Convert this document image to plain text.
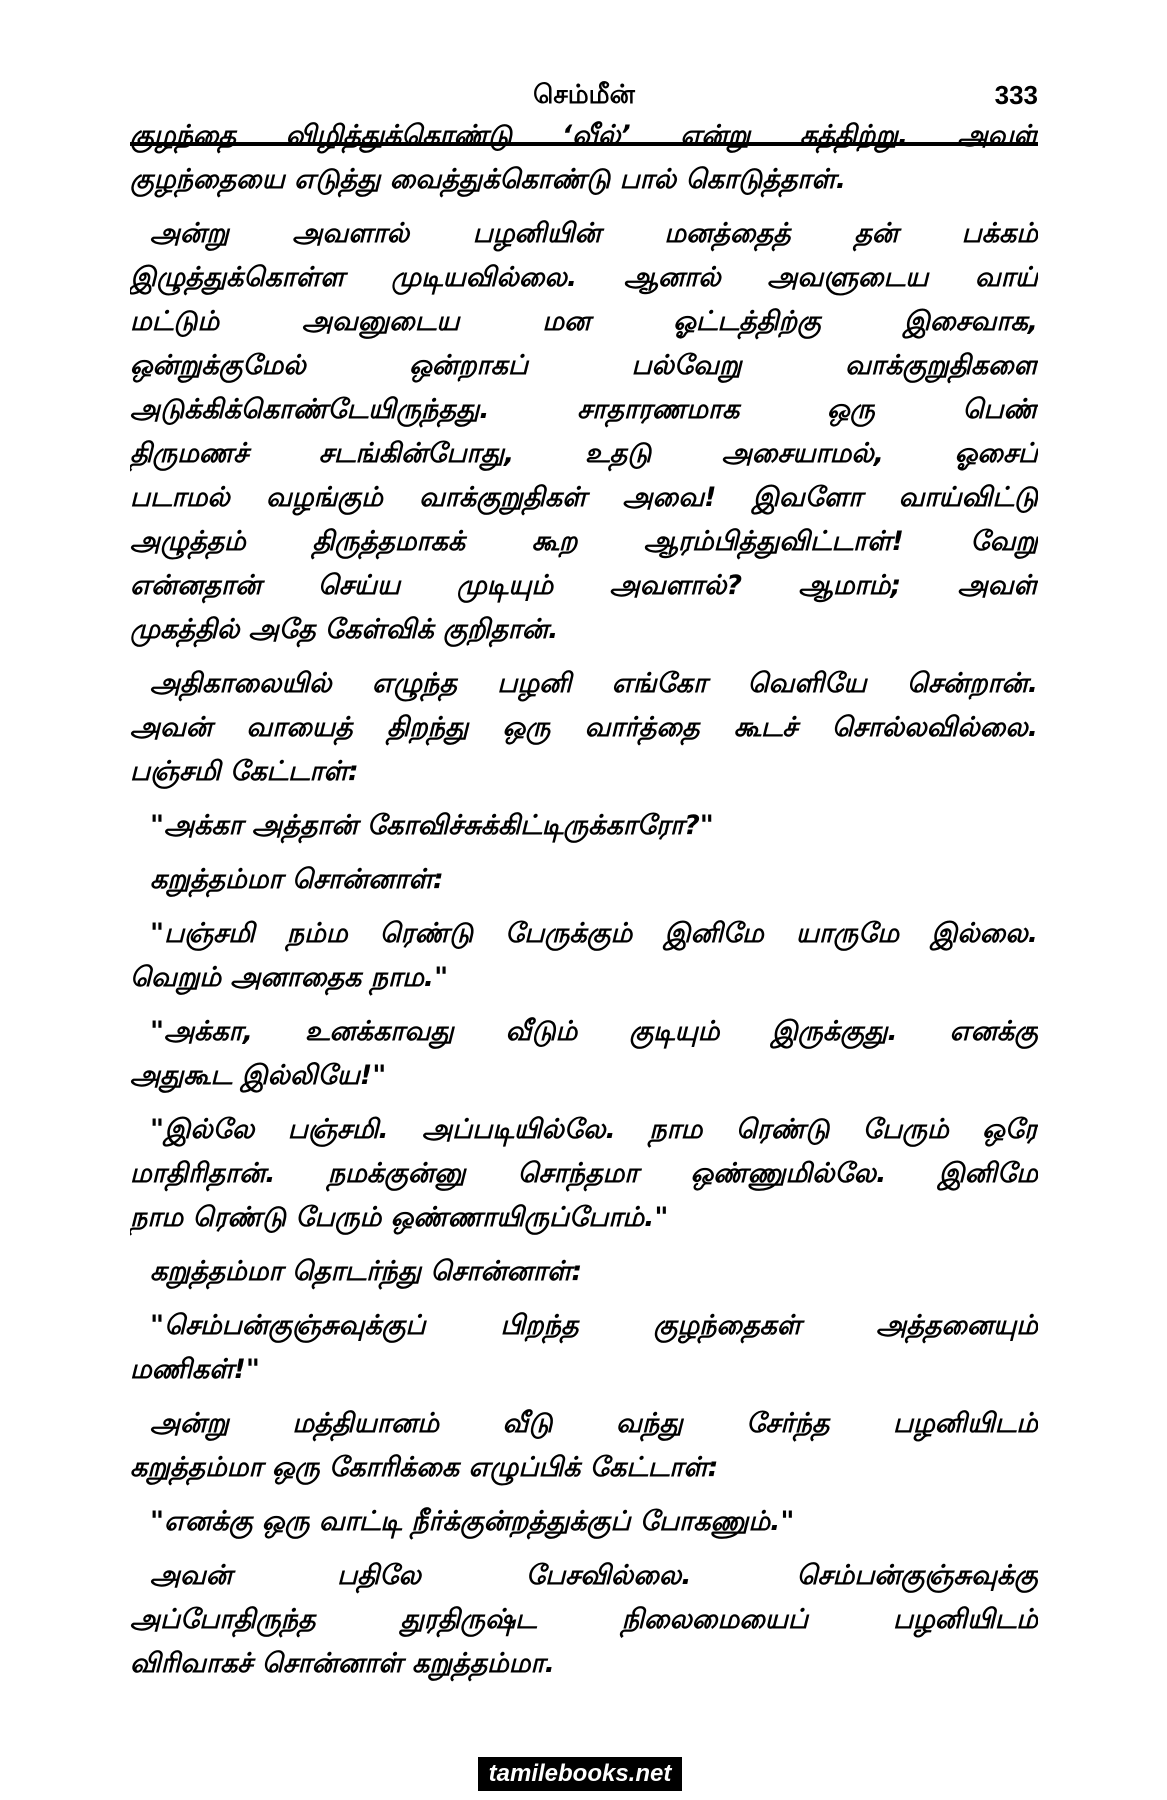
செம்மீன்	333
குழந்தை விழித்துக்கொண்டு ‘வீல்’ என்று கத்திற்று. அவள்
குழந்தையை எடுத்து வைத்துக்கொண்டு பால் கொடுத்தாள்.
அன்று அவளால் பழனியின் மனத்தைத் தன் பக்கம்
இழுத்துக்கொள்ள முடியவில்லை. ஆனால் அவளுடைய வாய்
மட்டும் அவனுடைய மன ஓட்டத்திற்கு இசைவாக,
ஒன்றுக்குமேல் ஒன்றாகப் பல்வேறு வாக்குறுதிகளை
அடுக்கிக்கொண்டேயிருந்தது. சாதாரணமாக ஒரு பெண்
திருமணச் சடங்கின்போது, உதடு அசையாமல், ஓசைப்
படாமல் வழங்கும் வாக்குறுதிகள் அவை! இவளோ வாய்விட்டு
அழுத்தம் திருத்தமாகக் கூற ஆரம்பித்துவிட்டாள்! வேறு
என்னதான் செய்ய முடியும் அவளால்? ஆமாம்; அவள்
முகத்தில் அதே கேள்விக் குறிதான்.
அதிகாலையில் எழுந்த பழனி எங்கோ வெளியே சென்றான்.
அவன் வாயைத் திறந்து ஒரு வார்த்தை கூடச் சொல்லவில்லை.
பஞ்சமி கேட்டாள்:
"அக்கா அத்தான் கோவிச்சுக்கிட்டிருக்காரோ?"
கறுத்தம்மா சொன்னாள்:
"பஞ்சமி நம்ம ரெண்டு பேருக்கும் இனிமே யாருமே இல்லை.
வெறும் அனாதைக நாம."
"அக்கா, உனக்காவது வீடும் குடியும் இருக்குது. எனக்கு
அதுகூட இல்லியே!"
"இல்லே பஞ்சமி. அப்படியில்லே. நாம ரெண்டு பேரும் ஒரே
மாதிரிதான். நமக்குன்னு சொந்தமா ஒண்ணுமில்லே. இனிமே
நாம ரெண்டு பேரும் ஒண்ணாயிருப்போம்."
கறுத்தம்மா தொடர்ந்து சொன்னாள்:
"செம்பன்குஞ்சுவுக்குப் பிறந்த குழந்தைகள் அத்தனையும்
மணிகள்!"
அன்று மத்தியானம் வீடு வந்து சேர்ந்த பழனியிடம்
கறுத்தம்மா ஒரு கோரிக்கை எழுப்பிக் கேட்டாள்:
"எனக்கு ஒரு வாட்டி நீர்க்குன்றத்துக்குப் போகணும்."
அவன் பதிலே பேசவில்லை. செம்பன்குஞ்சுவுக்கு
அப்போதிருந்த துரதிருஷ்ட நிலைமையைப் பழனியிடம்
விரிவாகச் சொன்னாள் கறுத்தம்மா.
tamilebooks.net
